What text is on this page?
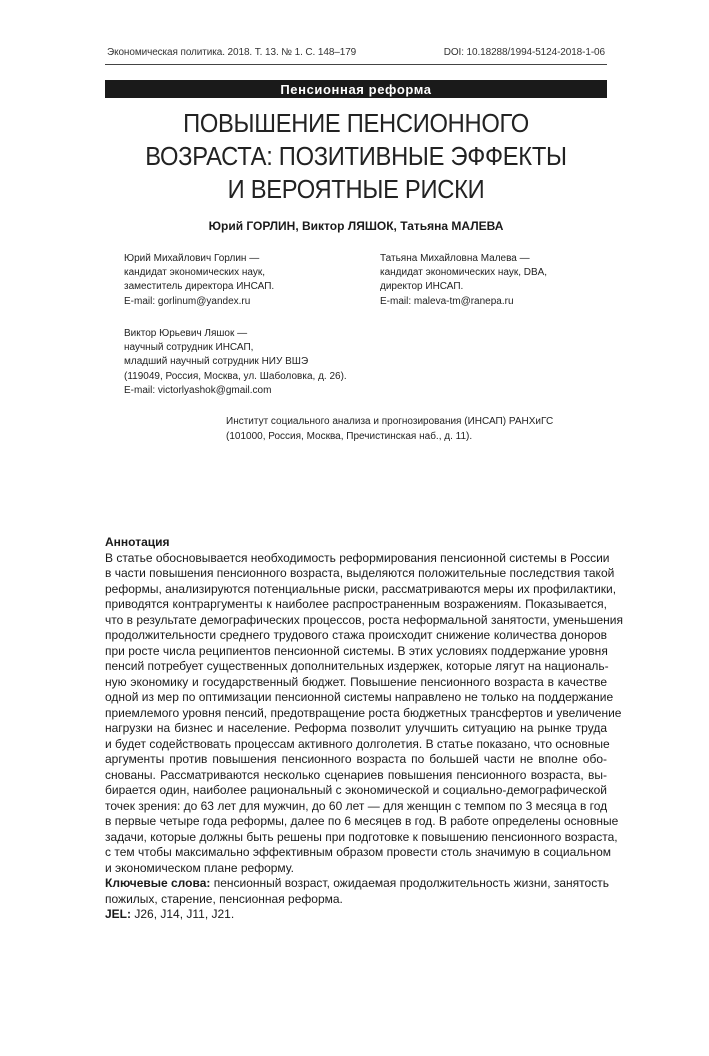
Экономическая политика. 2018. Т. 13. № 1. С. 148–179	DOI: 10.18288/1994-5124-2018-1-06
Пенсионная реформа
ПОВЫШЕНИЕ ПЕНСИОННОГО
ВОЗРАСТА: ПОЗИТИВНЫЕ ЭФФЕКТЫ
И ВЕРОЯТНЫЕ РИСКИ
Юрий ГОРЛИН, Виктор ЛЯШОК, Татьяна МАЛЕВА
Юрий Михайлович Горлин —
кандидат экономических наук,
заместитель директора ИНСАП.
E-mail: gorlinum@yandex.ru
Татьяна Михайловна Малева —
кандидат экономических наук, DBA,
директор ИНСАП.
E-mail: maleva-tm@ranepa.ru
Виктор Юрьевич Ляшок —
научный сотрудник ИНСАП,
младший научный сотрудник НИУ ВШЭ
(119049, Россия, Москва, ул. Шаболовка, д. 26).
E-mail: victorlyashok@gmail.com
Институт социального анализа и прогнозирования (ИНСАП) РАНХиГС
(101000, Россия, Москва, Пречистинская наб., д. 11).
Аннотация
В статье обосновывается необходимость реформирования пенсионной системы в России
в части повышения пенсионного возраста, выделяются положительные последствия такой
реформы, анализируются потенциальные риски, рассматриваются меры их профилактики,
приводятся контраргументы к наиболее распространенным возражениям. Показывается,
что в результате демографических процессов, роста неформальной занятости, уменьшения
продолжительности среднего трудового стажа происходит снижение количества доноров
при росте числа реципиентов пенсионной системы. В этих условиях поддержание уровня
пенсий потребует существенных дополнительных издержек, которые лягут на националь-
ную экономику и государственный бюджет. Повышение пенсионного возраста в качестве
одной из мер по оптимизации пенсионной системы направлено не только на поддержание
приемлемого уровня пенсий, предотвращение роста бюджетных трансфертов и увеличение
нагрузки на бизнес и население. Реформа позволит улучшить ситуацию на рынке труда
и будет содействовать процессам активного долголетия. В статье показано, что основные
аргументы против повышения пенсионного возраста по большей части не вполне обо-
снованы. Рассматриваются несколько сценариев повышения пенсионного возраста, вы-
бирается один, наиболее рациональный с экономической и социально-демографической
точек зрения: до 63 лет для мужчин, до 60 лет — для женщин с темпом по 3 месяца в год
в первые четыре года реформы, далее по 6 месяцев в год. В работе определены основные
задачи, которые должны быть решены при подготовке к повышению пенсионного возраста,
с тем чтобы максимально эффективным образом провести столь значимую в социальном
и экономическом плане реформу.
Ключевые слова: пенсионный возраст, ожидаемая продолжительность жизни, занятость
пожилых, старение, пенсионная реформа.
JEL: J26, J14, J11, J21.
